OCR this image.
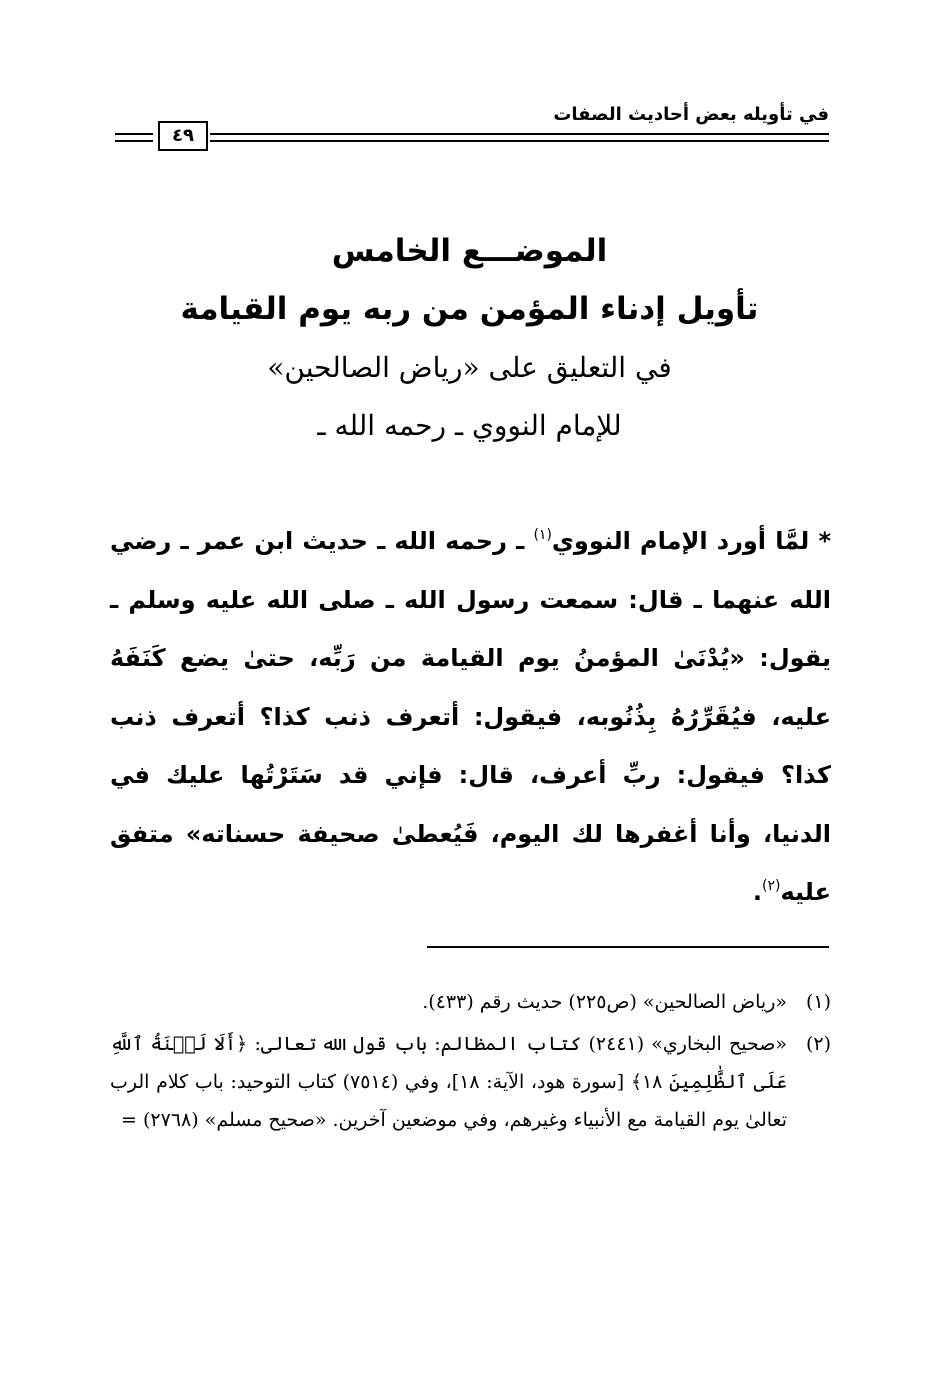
في تأويله بعض أحاديث الصفات
٤٩
الموضـــع الخامس
تأويل إدناء المؤمن من ربه يوم القيامة
في التعليق على «رياض الصالحين»
للإمام النووي ـ رحمه الله ـ
* لمَّا أورد الإمام النووي$^{(١)}$ ـ رحمه الله ـ حديث ابن عمر ـ رضي الله عنهما ـ قال: سمعت رسول الله ـ صلى الله عليه وسلم ـ يقول: «يُدْنَىٰ المؤمنُ يوم القيامة من رَبِّه، حتىٰ يضع كَنَفَهُ عليه، فيُقَرِّرُهُ بِذُنُوبه، فيقول: أتعرف ذنب كذا؟ أتعرف ذنب كذا؟ فيقول: ربِّ أعرف، قال: فإني قد سَتَرْتُها عليك في الدنيا، وأنا أغفرها لك اليوم، فَيُعطىٰ صحيفة حسناته» متفق عليه$^{(٢)}$.
(١)
«رياض الصالحين» (ص٢٢٥) حديث رقم (٤٣٣).
(٢)
«صحيح البخاري» (٢٤٤١) كتاب المظالم: باب قول الله تعالى: ﴿أَلَا لَعۡنَةُ ٱللَّهِ عَلَى ٱلظَّٰلِمِينَ ١٨﴾ [سورة هود، الآية: ١٨]، وفي (٧٥١٤) كتاب التوحيد: باب كلام الرب تعالىٰ يوم القيامة مع الأنبياء وغيرهم، وفي موضعين آخرين. «صحيح مسلم» (٢٧٦٨) =
